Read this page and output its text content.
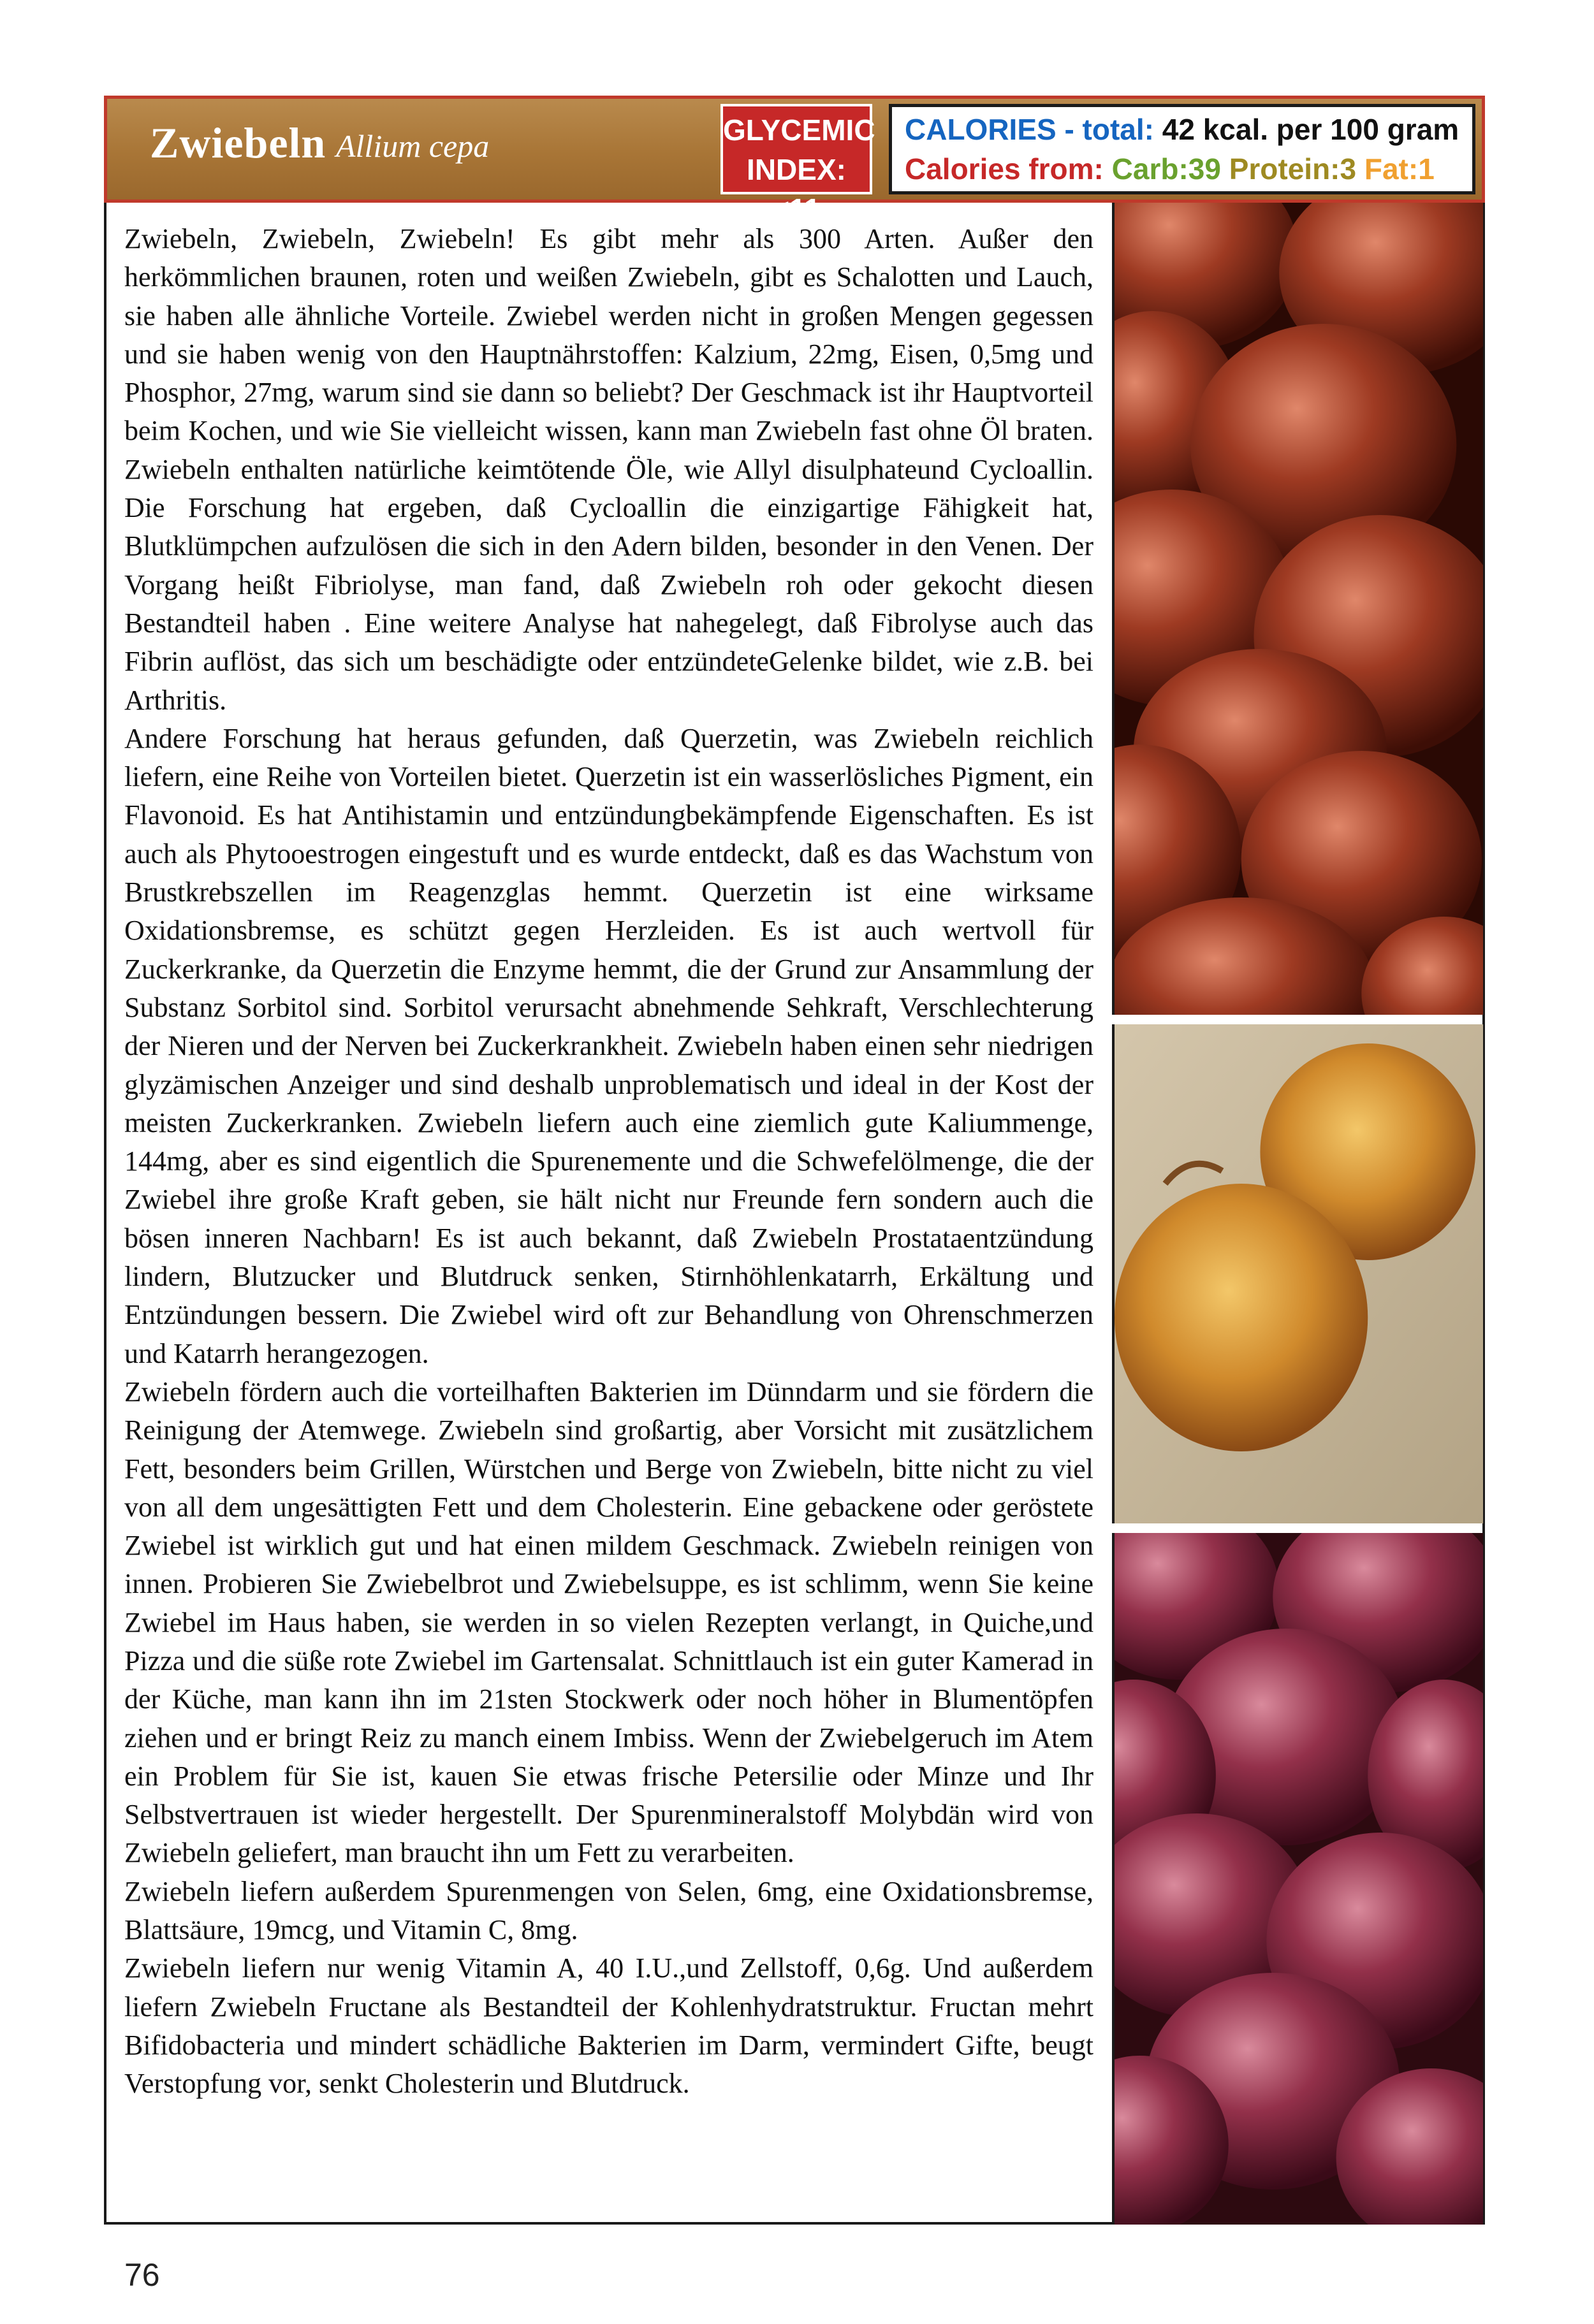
Zwiebeln Allium cepa	GLYCEMIC
INDEX:<11
CALORIES - total: 42 kcal. per 100 gram
Calories from: Carb:39 Protein:3 Fat:1

Zwiebeln, Zwiebeln, Zwiebeln! Es gibt mehr als 300 Arten. Außer den herkömmlichen braunen, roten und weißen Zwiebeln, gibt es Schalotten und Lauch, sie haben alle ähnliche Vorteile. Zwiebel werden nicht in großen Mengen gegessen und sie haben wenig von den Hauptnährstoffen: Kalzium, 22mg, Eisen, 0,5mg und Phosphor, 27mg, warum sind sie dann so beliebt? Der Geschmack ist ihr Hauptvorteil beim Kochen, und wie Sie vielleicht wissen, kann man Zwiebeln fast ohne Öl braten. Zwiebeln enthalten natürliche keimtötende Öle, wie Allyl disulphateund Cycloallin. Die Forschung hat ergeben, daß Cycloallin die einzigartige Fähigkeit hat, Blutklümpchen aufzulösen die sich in den Adern bilden, besonder in den Venen. Der Vorgang heißt Fibriolyse, man fand, daß Zwiebeln roh oder gekocht diesen Bestandteil haben . Eine weitere Analyse hat nahegelegt, daß Fibrolyse auch das Fibrin auflöst, das sich um beschädigte oder entzündeteGelenke bildet, wie z.B. bei Arthritis.

Andere Forschung hat heraus gefunden, daß Querzetin, was Zwiebeln reichlich liefern, eine Reihe von Vorteilen bietet. Querzetin ist ein wasserlösliches Pigment, ein Flavonoid. Es hat Antihistamin und entzündungbekämpfende Eigenschaften. Es ist auch als Phytooestrogen eingestuft und es wurde entdeckt, daß es das Wachstum von Brustkrebszellen im Reagenzglas hemmt. Querzetin ist eine wirksame Oxidationsbremse, es schützt gegen Herzleiden. Es ist auch wertvoll für Zuckerkranke, da Querzetin die Enzyme hemmt, die der Grund zur Ansammlung der Substanz Sorbitol sind. Sorbitol verursacht abnehmende Sehkraft, Verschlechterung der Nieren und der Nerven bei Zuckerkrankheit. Zwiebeln haben einen sehr niedrigen glyzämischen Anzeiger und sind deshalb unproblematisch und ideal in der Kost der meisten Zuckerkranken. Zwiebeln liefern auch eine ziemlich gute Kaliummenge, 144mg, aber es sind eigentlich die Spurenemente und die Schwefelölmenge, die der Zwiebel ihre große Kraft geben, sie hält nicht nur Freunde fern sondern auch die bösen inneren Nachbarn! Es ist auch bekannt, daß Zwiebeln Prostataentzündung lindern, Blutzucker und Blutdruck senken, Stirnhöhlenkatarrh, Erkältung und Entzündungen bessern. Die Zwiebel wird oft zur Behandlung von Ohrenschmerzen und Katarrh herangezogen.

Zwiebeln fördern auch die vorteilhaften Bakterien im Dünndarm und sie fördern die Reinigung der Atemwege. Zwiebeln sind großartig, aber Vorsicht mit zusätzlichem Fett, besonders beim Grillen, Würstchen und Berge von Zwiebeln, bitte nicht zu viel von all dem ungesättigten Fett und dem Cholesterin. Eine gebackene oder geröstete Zwiebel ist wirklich gut und hat einen mildem Geschmack. Zwiebeln reinigen von innen. Probieren Sie Zwiebelbrot und Zwiebelsuppe, es ist schlimm, wenn Sie keine Zwiebel im Haus haben, sie werden in so vielen Rezepten verlangt, in Quiche,und Pizza und die süße rote Zwiebel im Gartensalat. Schnittlauch ist ein guter Kamerad in der Küche, man kann ihn im 21sten Stockwerk oder noch höher in Blumentöpfen ziehen und er bringt Reiz zu manch einem Imbiss. Wenn der Zwiebelgeruch im Atem ein Problem für Sie ist, kauen Sie etwas frische Petersilie oder Minze und Ihr Selbstvertrauen ist wieder hergestellt. Der Spurenmineralstoff Molybdän wird von Zwiebeln geliefert, man braucht ihn um Fett zu verarbeiten.

Zwiebeln liefern außerdem Spurenmengen von Selen, 6mg, eine Oxidationsbremse, Blattsäure, 19mcg, und Vitamin C, 8mg.

Zwiebeln liefern nur wenig Vitamin A, 40 I.U.,und Zellstoff, 0,6g. Und außerdem liefern Zwiebeln Fructane als Bestandteil der Kohlenhydratstruktur. Fructan mehrt Bifidobacteria und mindert schädliche Bakterien im Darm, vermindert Gifte, beugt Verstopfung vor, senkt Cholesterin und Blutdruck.

76
